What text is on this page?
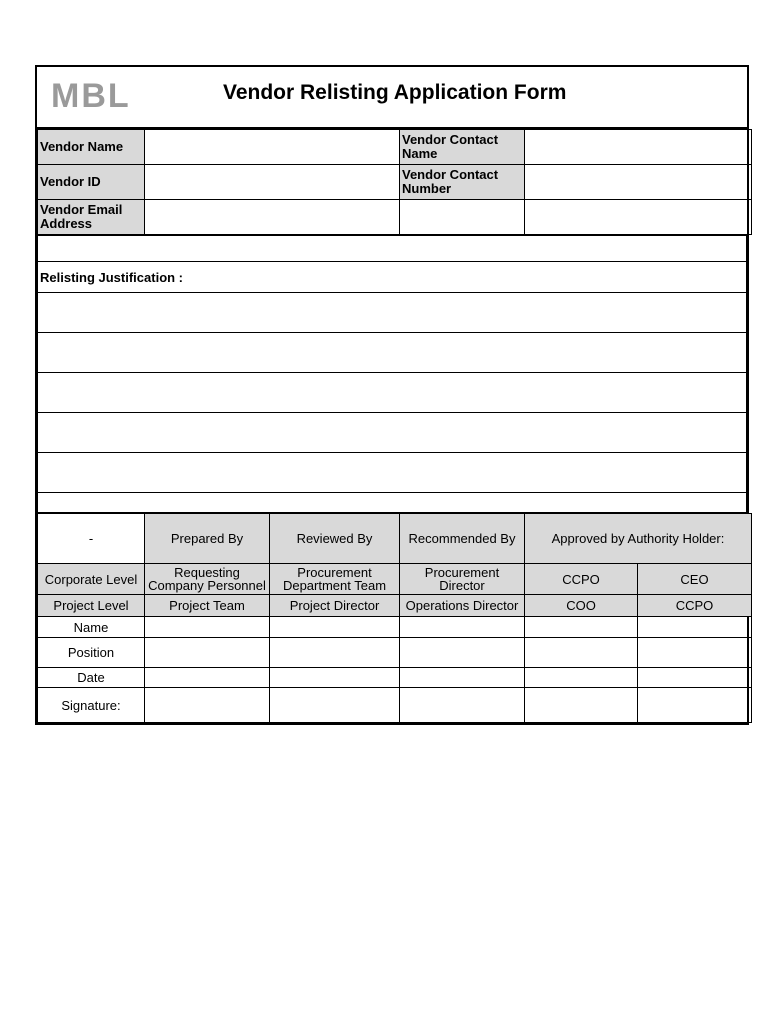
MBL	Vendor Relisting Application Form
Vendor Name		Vendor Contact Name	
Vendor ID		Vendor Contact Number	
Vendor Email Address			

Relisting Justification :

-	Prepared By	Reviewed By	Recommended By	Approved by Authority Holder:	
Corporate Level	Requesting Company Personnel	Procurement Department Team	Procurement Director	CCPO	CEO
Project Level	Project Team	Project Director	Operations Director	COO	CCPO
Name					
Position					
Date					
Signature:					
